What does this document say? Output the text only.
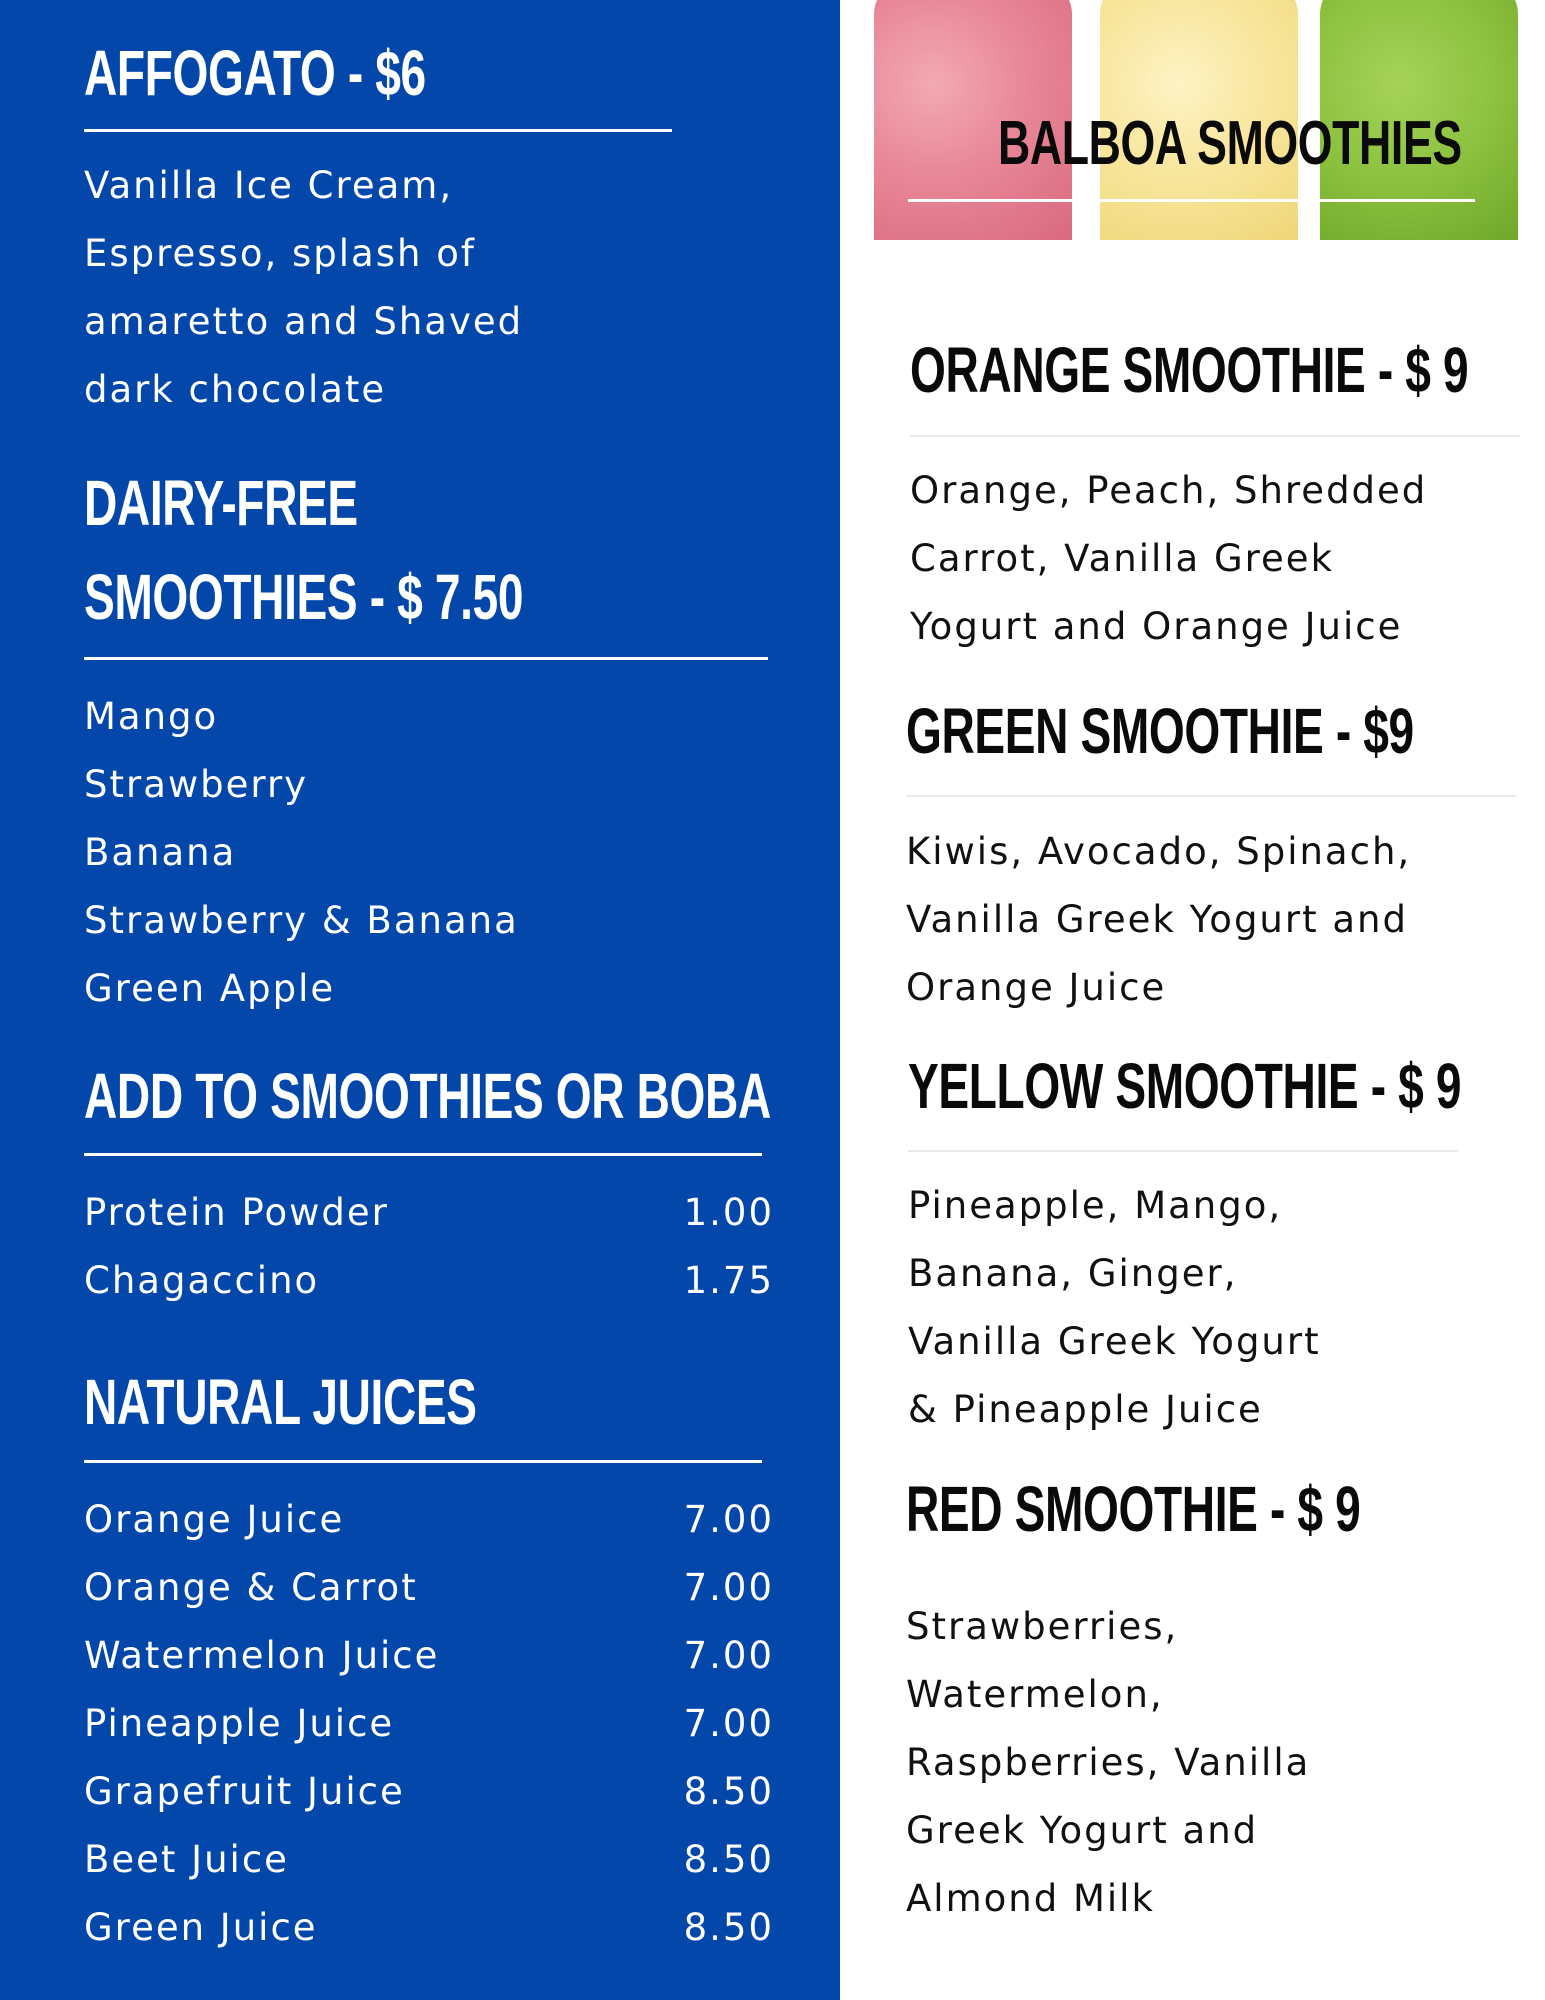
AFFOGATO - $6

Vanilla Ice Cream,

Espresso, splash of

amaretto and Shaved

dark chocolate

DAIRY-FREE
SMOOTHIES - $ 7.50

Mango

Strawberry

Banana

Strawberry & Banana

Green Apple

ADD TO SMOOTHIES OR BOBA
Protein Powder	1.00
Chagaccino	1.75
NATURAL JUICES
Orange Juice	7.00
Orange & Carrot	7.00
Watermelon Juice	7.00
Pineapple Juice	7.00
Grapefruit Juice	8.50
Beet Juice	8.50
Green Juice	8.50
BALBOA SMOOTHIES
ORANGE SMOOTHIE - $ 9

Orange, Peach, Shredded

Carrot, Vanilla Greek

Yogurt and Orange Juice

GREEN SMOOTHIE - $9

Kiwis, Avocado, Spinach,

Vanilla Greek Yogurt and

Orange Juice

YELLOW SMOOTHIE - $ 9

Pineapple, Mango,

Banana, Ginger,

Vanilla Greek Yogurt

& Pineapple Juice

RED SMOOTHIE - $ 9

Strawberries,

Watermelon,

Raspberries, Vanilla

Greek Yogurt and

Almond Milk
